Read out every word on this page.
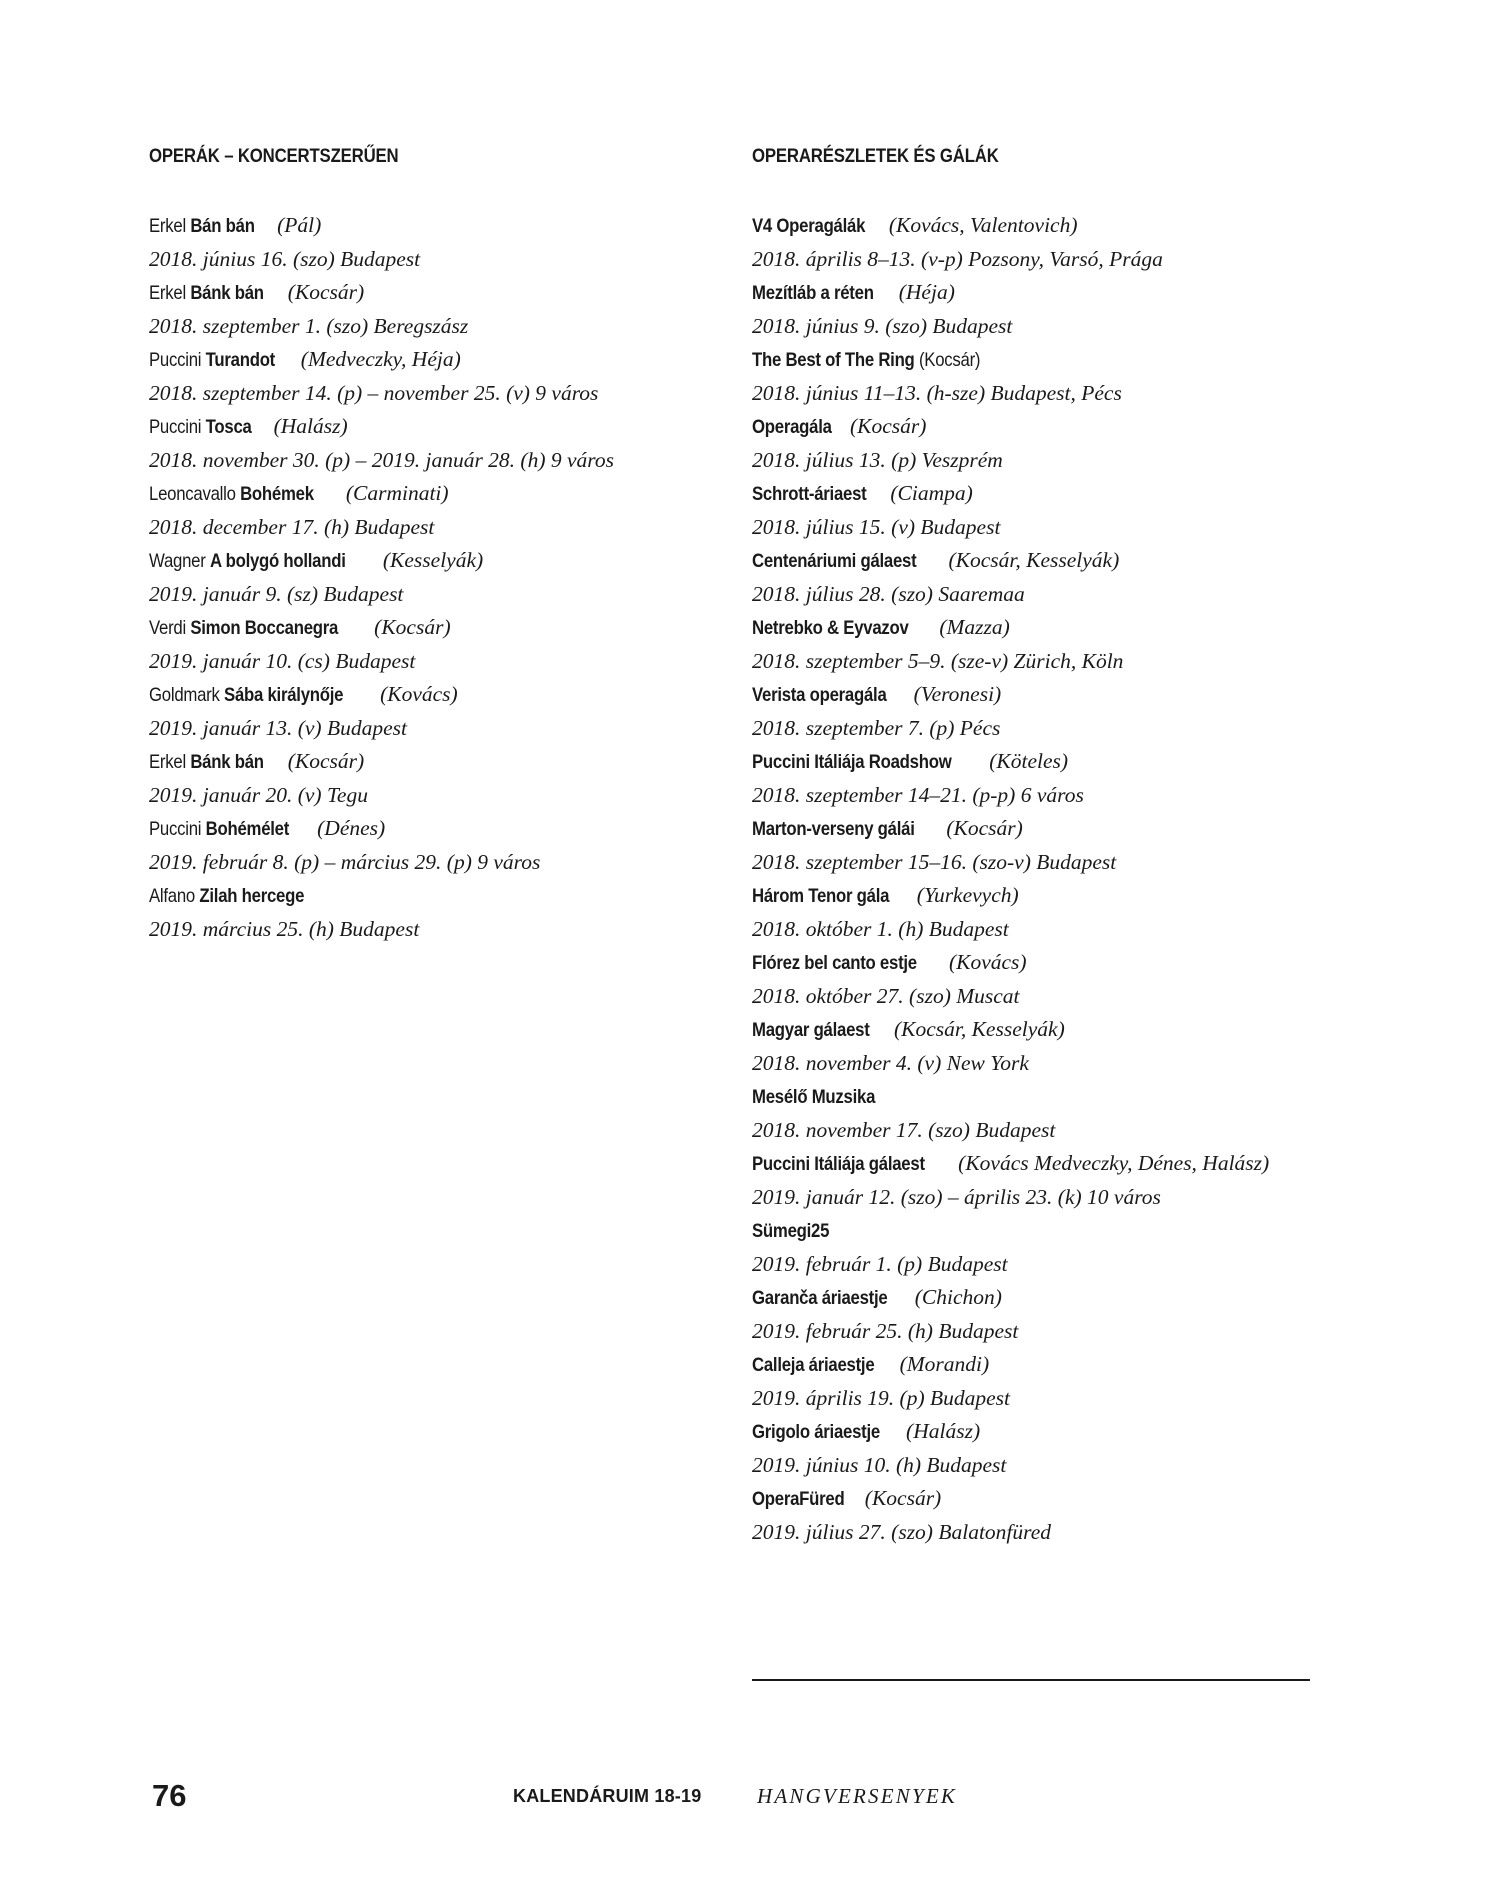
OPERÁK – KONCERTSZERŰEN
Erkel Bán bán (Pál)
2018. június 16. (szo) Budapest
Erkel Bánk bán (Kocsár)
2018. szeptember 1. (szo) Beregszász
Puccini Turandot (Medveczky, Héja)
2018. szeptember 14. (p) – november 25. (v) 9 város
Puccini Tosca (Halász)
2018. november 30. (p) – 2019. január 28. (h) 9 város
Leoncavallo Bohémek (Carminati)
2018. december 17. (h) Budapest
Wagner A bolygó hollandi (Kesselyák)
2019. január 9. (sz) Budapest
Verdi Simon Boccanegra (Kocsár)
2019. január 10. (cs) Budapest
Goldmark Sába királynője (Kovács)
2019. január 13. (v) Budapest
Erkel Bánk bán (Kocsár)
2019. január 20. (v) Tegu
Puccini Bohémélet (Dénes)
2019. február 8. (p) – március 29. (p) 9 város
Alfano Zilah hercege
2019. március 25. (h) Budapest
OPERARÉSZLETEK ÉS GÁLÁK
V4 Operagálák (Kovács, Valentovich)
2018. április 8–13. (v-p) Pozsony, Varsó, Prága
Mezítláb a réten (Héja)
2018. június 9. (szo) Budapest
The Best of The Ring (Kocsár)
2018. június 11–13. (h-sze) Budapest, Pécs
Operagála (Kocsár)
2018. július 13. (p) Veszprém
Schrott-áriaest (Ciampa)
2018. július 15. (v) Budapest
Centenáriumi gálaest (Kocsár, Kesselyák)
2018. július 28. (szo) Saaremaa
Netrebko & Eyvazov (Mazza)
2018. szeptember 5–9. (sze-v) Zürich, Köln
Verista operagála (Veronesi)
2018. szeptember 7. (p) Pécs
Puccini Itáliája Roadshow (Köteles)
2018. szeptember 14–21. (p-p) 6 város
Marton-verseny gálái (Kocsár)
2018. szeptember 15–16. (szo-v) Budapest
Három Tenor gála (Yurkevych)
2018. október 1. (h) Budapest
Flórez bel canto estje (Kovács)
2018. október 27. (szo) Muscat
Magyar gálaest (Kocsár, Kesselyák)
2018. november 4. (v) New York
Mesélő Muzsika
2018. november 17. (szo) Budapest
Puccini Itáliája gálaest (Kovács Medveczky, Dénes, Halász)
2019. január 12. (szo) – április 23. (k) 10 város
Sümegi25
2019. február 1. (p) Budapest
Garanča áriaestje (Chichon)
2019. február 25. (h) Budapest
Calleja áriaestje (Morandi)
2019. április 19. (p) Budapest
Grigolo áriaestje (Halász)
2019. június 10. (h) Budapest
OperaFüred (Kocsár)
2019. július 27. (szo) Balatonfüred
76	KALENDÁRUIM 18-19	HANGVERSENYEK
